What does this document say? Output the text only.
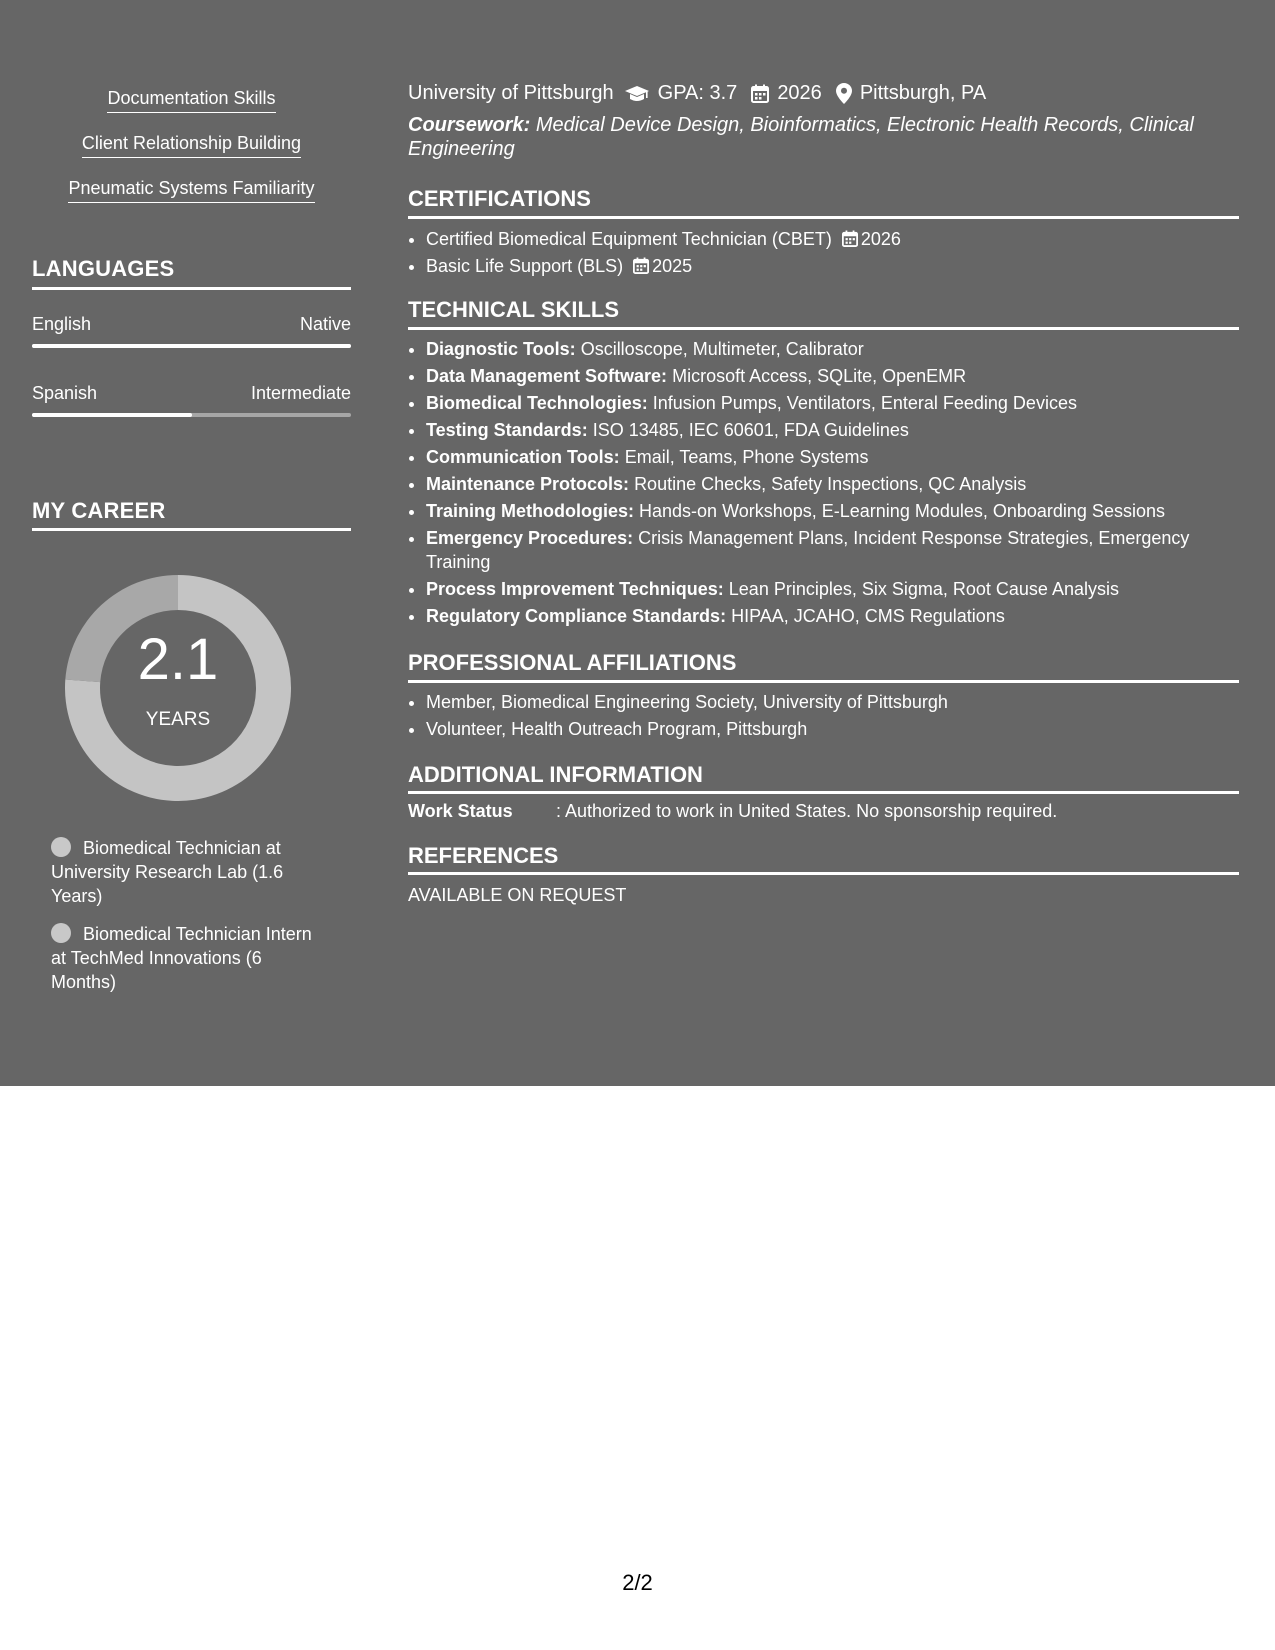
Documentation Skills
Client Relationship Building
Pneumatic Systems Familiarity
LANGUAGES
English	Native
Spanish	Intermediate
MY CAREER
2.1
YEARS
Biomedical Technician at University Research Lab (1.6 Years)
Biomedical Technician Intern at TechMed Innovations (6 Months)
University of Pittsburgh GPA: 3.7 2026 Pittsburgh, PA
Coursework: Medical Device Design, Bioinformatics, Electronic Health Records, Clinical Engineering
CERTIFICATIONS
• Certified Biomedical Equipment Technician (CBET) 2026
• Basic Life Support (BLS) 2025
TECHNICAL SKILLS
• Diagnostic Tools: Oscilloscope, Multimeter, Calibrator
• Data Management Software: Microsoft Access, SQLite, OpenEMR
• Biomedical Technologies: Infusion Pumps, Ventilators, Enteral Feeding Devices
• Testing Standards: ISO 13485, IEC 60601, FDA Guidelines
• Communication Tools: Email, Teams, Phone Systems
• Maintenance Protocols: Routine Checks, Safety Inspections, QC Analysis
• Training Methodologies: Hands-on Workshops, E-Learning Modules, Onboarding Sessions
• Emergency Procedures: Crisis Management Plans, Incident Response Strategies, Emergency Training
• Process Improvement Techniques: Lean Principles, Six Sigma, Root Cause Analysis
• Regulatory Compliance Standards: HIPAA, JCAHO, CMS Regulations
PROFESSIONAL AFFILIATIONS
• Member, Biomedical Engineering Society, University of Pittsburgh
• Volunteer, Health Outreach Program, Pittsburgh
ADDITIONAL INFORMATION
Work Status	: Authorized to work in United States. No sponsorship required.
REFERENCES
AVAILABLE ON REQUEST
2/2
